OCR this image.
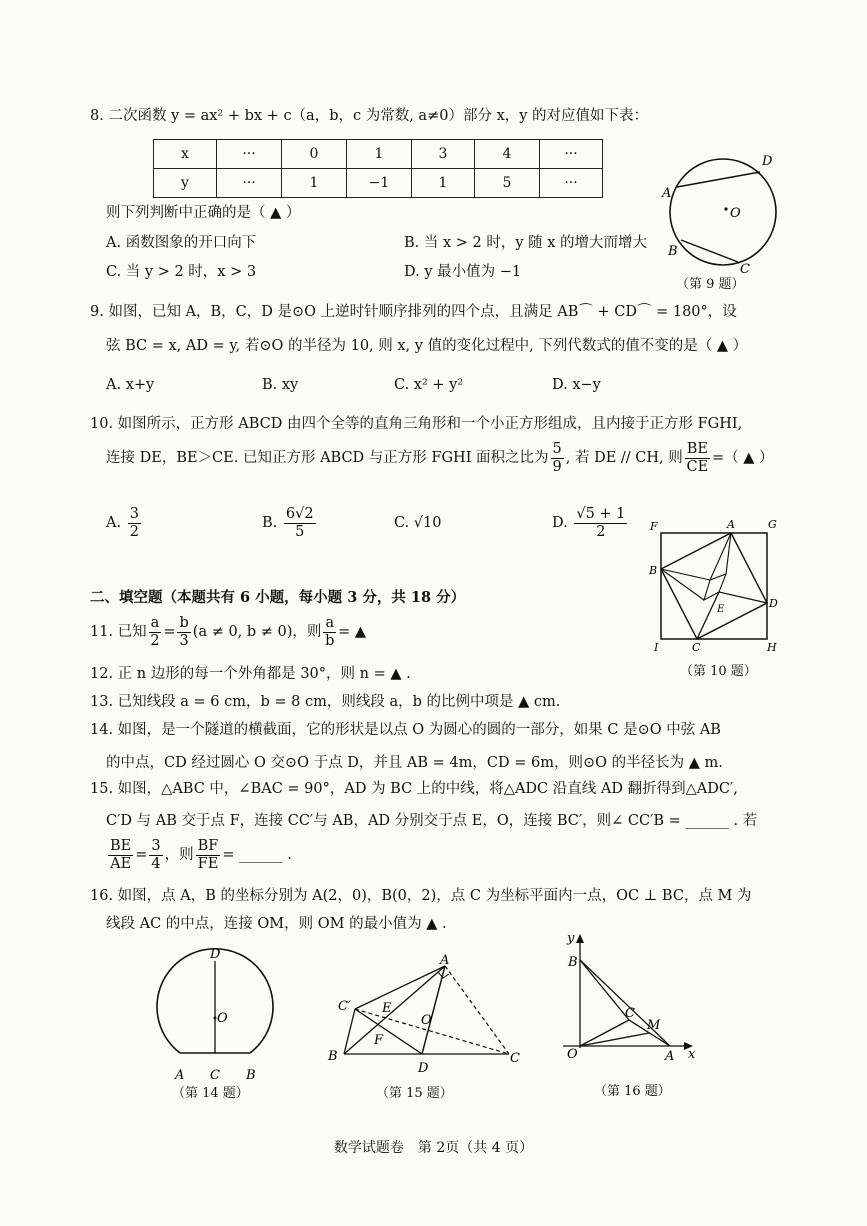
8. 二次函数 y = ax² + bx + c（a，b，c 为常数, a≠0）部分 x，y 的对应值如下表：
x	···	0	1	3	4	···
y	···	1	−1	1	5	···
则下列判断中正确的是（ ▲ ）
A. 函数图象的开口向下	B. 当 x > 2 时，y 随 x 的增大而增大
C. 当 y > 2 时，x > 3	D. y 最小值为 −1
A
B
C
D
O
（第 9 题）
9. 如图，已知 A，B，C，D 是⊙O 上逆时针顺序排列的四个点，且满足 AB⌒ + CD⌒ = 180°，设
弦 BC = x, AD = y, 若⊙O 的半径为 10, 则 x, y 值的变化过程中, 下列代数式的值不变的是（ ▲ ）
A. x+y	B. xy	C. x² + y²	D. x−y
10. 如图所示，正方形 ABCD 由四个全等的直角三角形和一个小正方形组成，且内接于正方形 FGHI,
连接 DE，BE＞CE. 已知正方形 ABCD 与正方形 FGHI 面积之比为 $\frac{5}{9}$ , 若 DE // CH, 则 $\frac{BE}{CE}$ =（ ▲ ）
A. $\frac{3}{2}$	B. $\frac{6√2}{5}$	C. √10	D. $\frac{√5 + 1}{2}$ F	A	G
B
E	D
I	C	H
（第 10 题）
二、填空题（本题共有 6 小题，每小题 3 分，共 18 分）
11. 已知 $\frac{a}{2} = \frac{b}{3} (a \ne 0$, b ≠ 0)，则 $\frac{a}{b}$ = ▲
12. 正 n 边形的每一个外角都是 30°，则 n = ▲ .
13. 已知线段 a = 6 cm，b = 8 cm，则线段 a，b 的比例中项是 ▲ cm.
14. 如图，是一个隧道的横截面，它的形状是以点 O 为圆心的圆的一部分，如果 C 是⊙O 中弦 AB
的中点，CD 经过圆心 O 交⊙O 于点 D，并且 AB = 4m，CD = 6m，则⊙O 的半径长为 ▲ m.
15. 如图，△ABC 中，∠BAC = 90°，AD 为 BC 上的中线，将△ADC 沿直线 AD 翻折得到△ADC′,
C′D 与 AB 交于点 F，连接 CC′与 AB，AD 分别交于点 E，O，连接 BC′，则∠ CC′B = ______ . 若
$\frac{BE}{AE} = \frac{3}{4}$ ，则 $\frac{BF}{FE}$ = ______ .
16. 如图，点 A，B 的坐标分别为 A(2，0)，B(0，2)，点 C 为坐标平面内一点，OC ⊥ BC，点 M 为
线段 AC 的中点，连接 OM，则 OM 的最小值为 ▲ .
D
O
A C B
（第 14 题）
A
C′ E
O
F
B
D
C
（第 15 题）
y
B
C
M
O	A x
（第 16 题）
数学试题卷　第 2页（共 4 页）
